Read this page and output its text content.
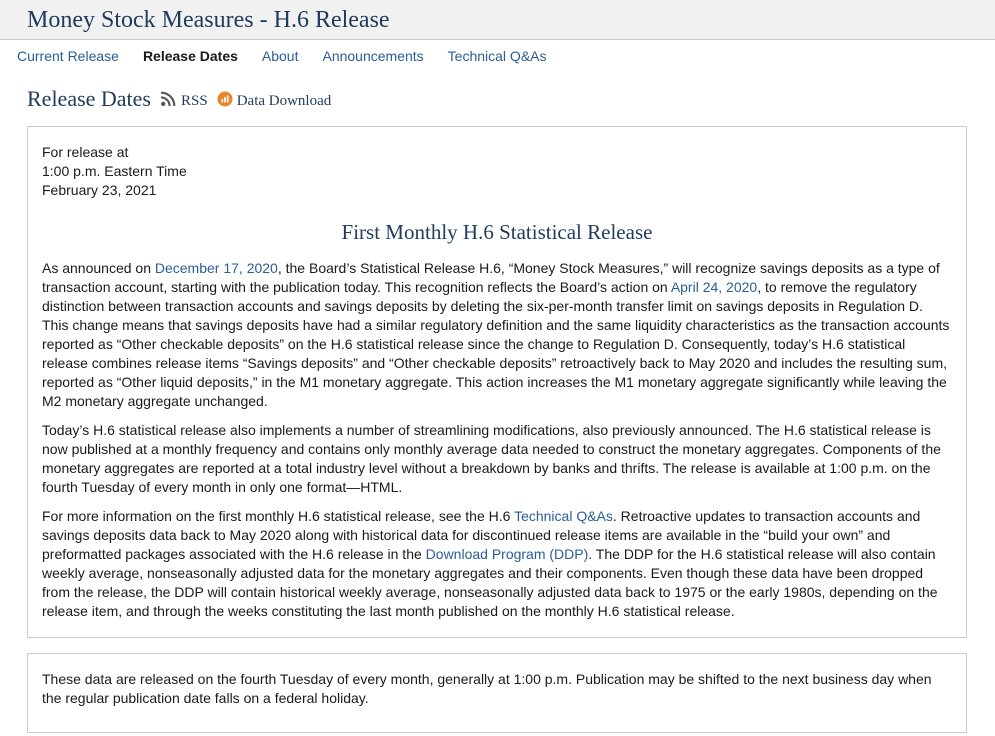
Money Stock Measures - H.6 Release
Current Release Release Dates About Announcements Technical Q&As
Release Dates RSS Data Download
For release at
1:00 p.m. Eastern Time
February 23, 2021
First Monthly H.6 Statistical Release

As announced on December 17, 2020, the Board’s Statistical Release H.6, “Money Stock Measures,” will recognize savings deposits as a type of transaction account, starting with the publication today. This recognition reflects the Board’s action on April 24, 2020, to remove the regulatory distinction between transaction accounts and savings deposits by deleting the six-per-month transfer limit on savings deposits in Regulation D. This change means that savings deposits have had a similar regulatory definition and the same liquidity characteristics as the transaction accounts reported as “Other checkable deposits” on the H.6 statistical release since the change to Regulation D. Consequently, today’s H.6 statistical release combines release items “Savings deposits” and “Other checkable deposits” retroactively back to May 2020 and includes the resulting sum, reported as “Other liquid deposits,” in the M1 monetary aggregate. This action increases the M1 monetary aggregate significantly while leaving the M2 monetary aggregate unchanged.

Today’s H.6 statistical release also implements a number of streamlining modifications, also previously announced. The H.6 statistical release is now published at a monthly frequency and contains only monthly average data needed to construct the monetary aggregates. Components of the monetary aggregates are reported at a total industry level without a breakdown by banks and thrifts. The release is available at 1:00 p.m. on the fourth Tuesday of every month in only one format—HTML.

For more information on the first monthly H.6 statistical release, see the H.6 Technical Q&As. Retroactive updates to transaction accounts and savings deposits data back to May 2020 along with historical data for discontinued release items are available in the “build your own” and preformatted packages associated with the H.6 release in the Download Program (DDP). The DDP for the H.6 statistical release will also contain weekly average, nonseasonally adjusted data for the monetary aggregates and their components. Even though these data have been dropped from the release, the DDP will contain historical weekly average, nonseasonally adjusted data back to 1975 or the early 1980s, depending on the release item, and through the weeks constituting the last month published on the monthly H.6 statistical release.

These data are released on the fourth Tuesday of every month, generally at 1:00 p.m. Publication may be shifted to the next business day when the regular publication date falls on a federal holiday.
